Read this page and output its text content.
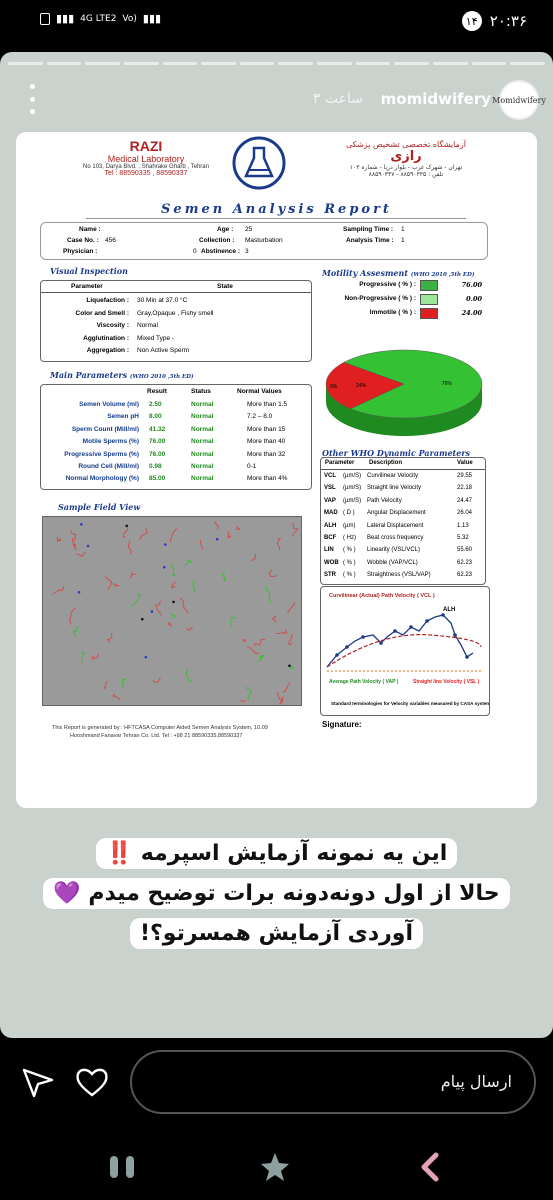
▮▮▮ 4G LTE2 Vo) ▮▮▮	۱۴ ۲۰:۳۶
۳ ساعت momidwifery Momidwifery
RAZI
Medical Laboratory
No 103, Darya Blvd. , Shahrake Gharb , Tehran
Tel : 88590335 , 88590337
آزمایشگاه تخصصی تشخیص پزشکی
رازی
تهران - شهرک غرب - بلوار دریا - شماره ۱۰۳
تلفن : ۸۸۵۹۰۳۳۵ - ۸۸۵۹۰۳۳۷
Semen Analysis Report
Name :
Case No. : 456
Physician :	0
Age : 25
Collection : Masturbation
Abstinence : 3
Sampling Time : 1
Analysis Time : 1
Visual Inspection
Parameter	State
Liquefaction : 30 Min at 37.0 °C
Color and Smell : Gray,Opaque , Fishy smell
Viscosity : Normal
Agglutination : Mixed Type -
Aggregation : Non Active Sperm
Main Parameters (WHO 2010 ,5th ED)
Result	Status	Normal Values
Semen Volume (ml) 2.50	Normal	More than 1.5
Semen pH 8.00	Normal	7.2 – 8.0
Sperm Count (Mill/ml) 41.32	Normal	More than 15
Motile Sperms (%) 76.00	Normal	More than 40
Progressive Sperms (%) 76.00	Normal	More than 32
Round Cell (Mill/ml) 0.98	Normal	0-1
Normal Morphology (%) 85.00	Normal	More than 4%
Motility Assesment (WHO 2010 ,5th ED)
Progressive ( % ) :	76.00
Non-Progressive ( % ) :	0.00
Immotile ( % ) :	24.00
76%
24%
0%
Other WHO Dynamic Parameters
Parameter Description	Value
VCL (µm/S) Curvilinear Velocity	29.55
VSL (µm/S) Straight line Velocity	22.18
VAP (µm/S) Path Velocity	24.47
MAD ( D ) Angular Displacement	26.04
ALH (µm) Lateral Displacement	1.13
BCF ( Hz) Beat cross frequency	5.32
LIN ( % ) Linearity (VSL/VCL)	55.60
WOB ( % ) Wobble (VAP/VCL)	62.23
STR ( % ) Straightness (VSL/VAP)	62.23
Curvilinear (Actual) Path Velocity ( VCL )
ALH
Average Path Velocity ( VAP )	Straight line Velocity ( VSL )
Standard terminologies for Velocity variables measured by CASA systems.
Sample Field View
This Report is generated by : HFTCASA Computer Aided Semen Analysis System, 10.09
Hooshmand Fanavar Tehran Co. Ltd. Tel : +98 21 88590335,88590337
Signature:
این یه نمونه آزمایش اسپرمه ‼️
حالا از اول دونه‌دونه برات توضیح میدم 💜
آوردی آزمایش همسرتو؟!
ارسال پیام
